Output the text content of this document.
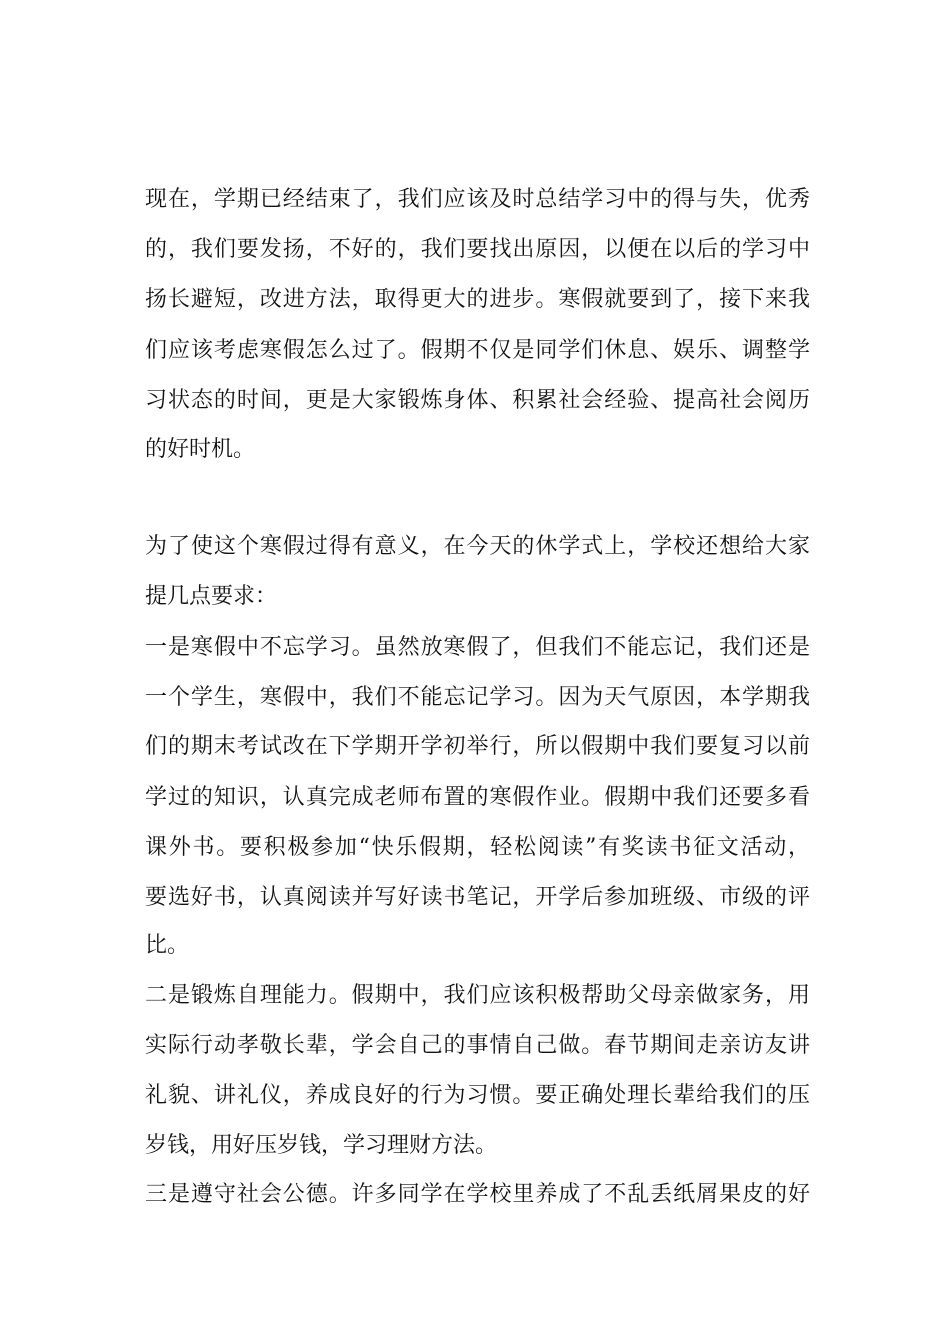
现在，学期已经结束了，我们应该及时总结学习中的得与失，优秀
的，我们要发扬，不好的，我们要找出原因，以便在以后的学习中
扬长避短，改进方法，取得更大的进步。寒假就要到了，接下来我
们应该考虑寒假怎么过了。假期不仅是同学们休息、娱乐、调整学
习状态的时间，更是大家锻炼身体、积累社会经验、提高社会阅历
的好时机。
为了使这个寒假过得有意义，在今天的休学式上，学校还想给大家
提几点要求：
一是寒假中不忘学习。虽然放寒假了，但我们不能忘记，我们还是
一个学生，寒假中，我们不能忘记学习。因为天气原因，本学期我
们的期末考试改在下学期开学初举行，所以假期中我们要复习以前
学过的知识，认真完成老师布置的寒假作业。假期中我们还要多看
课外书。要积极参加“快乐假期，轻松阅读”有奖读书征文活动，
要选好书，认真阅读并写好读书笔记，开学后参加班级、市级的评
比。
二是锻炼自理能力。假期中，我们应该积极帮助父母亲做家务，用
实际行动孝敬长辈，学会自己的事情自己做。春节期间走亲访友讲
礼貌、讲礼仪，养成良好的行为习惯。要正确处理长辈给我们的压
岁钱，用好压岁钱，学习理财方法。
三是遵守社会公德。许多同学在学校里养成了不乱丢纸屑果皮的好
